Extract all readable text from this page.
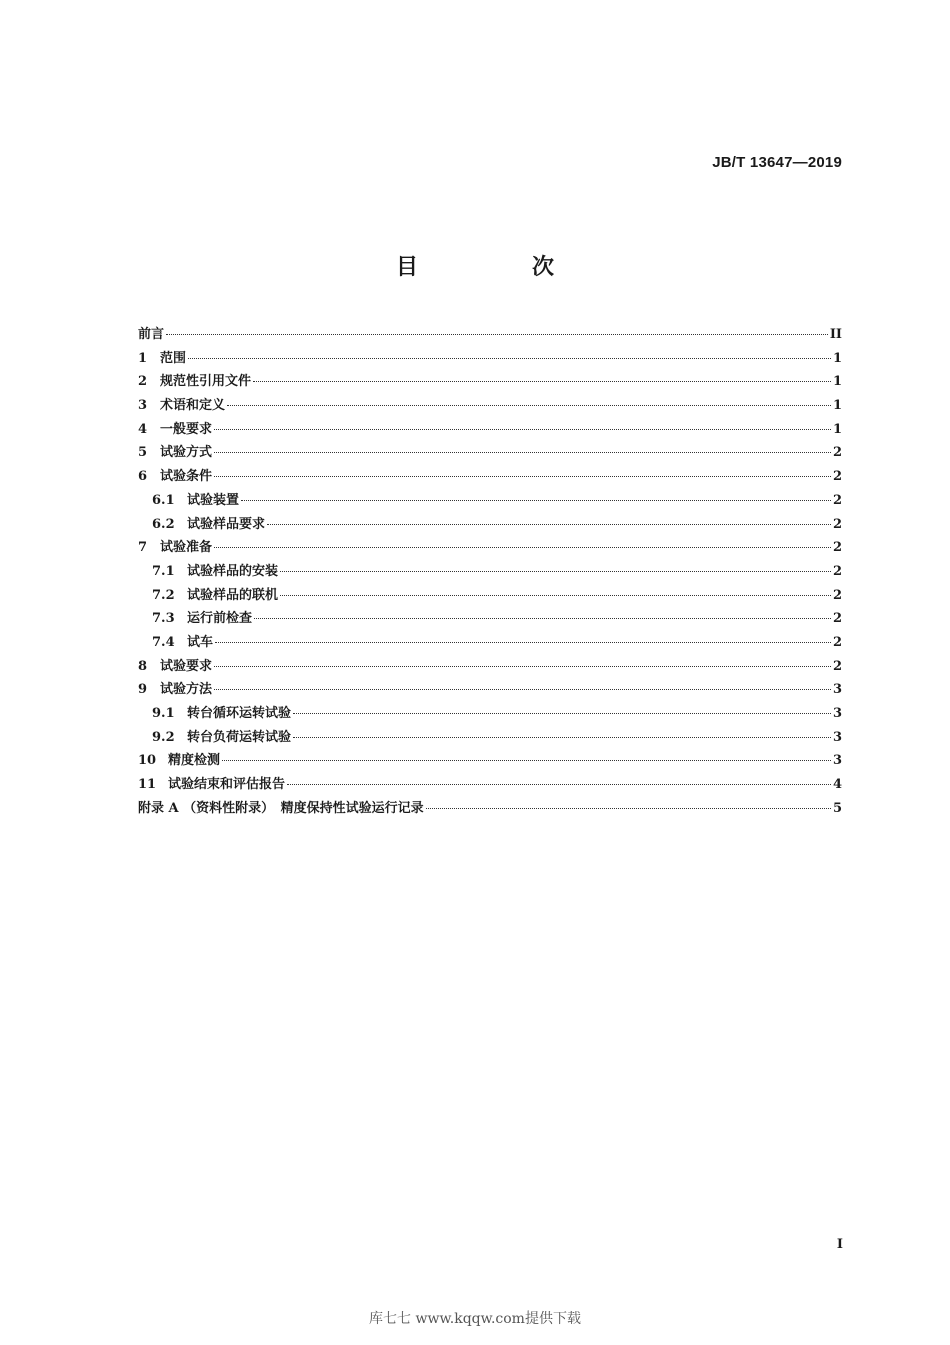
JB/T 13647—2019
目　次
前言	II
1 范围	1
2 规范性引用文件	1
3 术语和定义	1
4 一般要求	1
5 试验方式	2
6 试验条件	2
6.1 试验装置	2
6.2 试验样品要求	2
7 试验准备	2
7.1 试验样品的安装	2
7.2 试验样品的联机	2
7.3 运行前检查	2
7.4 试车	2
8 试验要求	2
9 试验方法	3
9.1 转台循环运转试验	3
9.2 转台负荷运转试验	3
10 精度检测	3
11 试验结束和评估报告	4
附录 A （资料性附录）　精度保持性试验运行记录	5
I
库七七 www.kqqw.com提供下载
